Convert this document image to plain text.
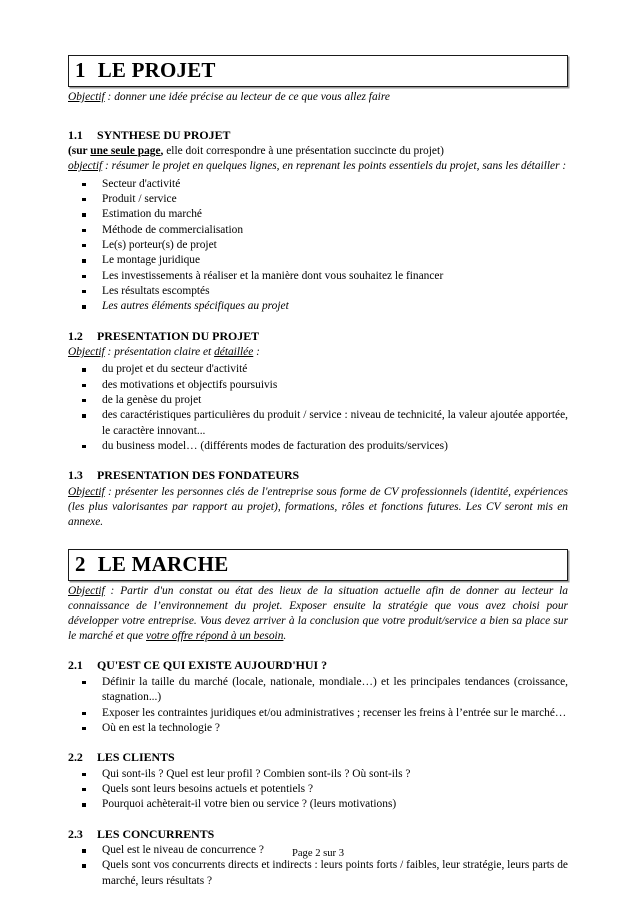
1 LE PROJET

Objectif : donner une idée précise au lecteur de ce que vous allez faire

1.1 SYNTHESE DU PROJET

(sur une seule page, elle doit correspondre à une présentation succincte du projet)

objectif : résumer le projet en quelques lignes, en reprenant les points essentiels du projet, sans les détailler :

Secteur d'activité
Produit / service
Estimation du marché
Méthode de commercialisation
Le(s) porteur(s) de projet
Le montage juridique
Les investissements à réaliser et la manière dont vous souhaitez le financer
Les résultats escomptés
Les autres éléments spécifiques au projet
1.2 PRESENTATION DU PROJET

Objectif : présentation claire et détaillée :

du projet et du secteur d'activité
des motivations et objectifs poursuivis
de la genèse du projet
des caractéristiques particulières du produit / service : niveau de technicité, la valeur ajoutée apportée, le caractère innovant...
du business model… (différents modes de facturation des produits/services)
1.3 PRESENTATION DES FONDATEURS

Objectif : présenter les personnes clés de l'entreprise sous forme de CV professionnels (identité, expériences (les plus valorisantes par rapport au projet), formations, rôles et fonctions futures. Les CV seront mis en annexe.

2 LE MARCHE

Objectif : Partir d'un constat ou état des lieux de la situation actuelle afin de donner au lecteur la connaissance de l’environnement du projet. Exposer ensuite la stratégie que vous avez choisi pour développer votre entreprise. Vous devez arriver à la conclusion que votre produit/service a bien sa place sur le marché et que votre offre répond à un besoin.

2.1 QU'EST CE QUI EXISTE AUJOURD'HUI ?
Définir la taille du marché (locale, nationale, mondiale…) et les principales tendances (croissance, stagnation...)
Exposer les contraintes juridiques et/ou administratives ; recenser les freins à l’entrée sur le marché…
Où en est la technologie ?
2.2 LES CLIENTS
Qui sont-ils ? Quel est leur profil ? Combien sont-ils ? Où sont-ils ?
Quels sont leurs besoins actuels et potentiels ?
Pourquoi achèterait-il votre bien ou service ? (leurs motivations)
2.3 LES CONCURRENTS
Quel est le niveau de concurrence ?
Quels sont vos concurrents directs et indirects : leurs points forts / faibles, leur stratégie, leurs parts de marché, leurs résultats ?
Page 2 sur 3
